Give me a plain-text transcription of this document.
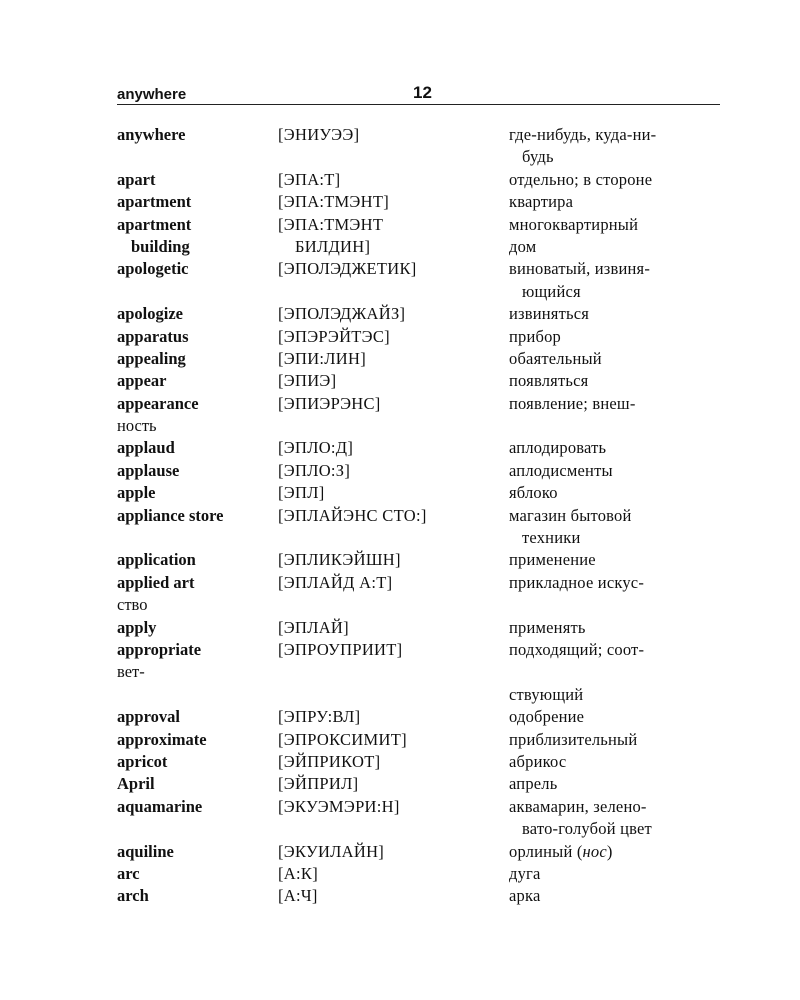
anywhere	12
anywhere	[ЭНИУЭЭ]	где-нибудь, куда-ни-
будь
apart	[ЭПА:Т]	отдельно; в стороне
apartment	[ЭПА:ТМЭНТ]	квартира
apartment	[ЭПА:ТМЭНТ	многоквартирный
building	БИЛДИН]	дом
apologetic	[ЭПОЛЭДЖЕТИК]	виноватый, извиня-
ющийся
apologize	[ЭПОЛЭДЖАЙЗ]	извиняться
apparatus	[ЭПЭРЭЙТЭС]	прибор
appealing	[ЭПИ:ЛИН]	обаятельный
appear	[ЭПИЭ]	появляться
appearance	[ЭПИЭРЭНС]	появление; внеш-
ность
applaud	[ЭПЛО:Д]	аплодировать
applause	[ЭПЛО:З]	аплодисменты
apple	[ЭПЛ]	яблоко
appliance store	[ЭПЛАЙЭНС СТО:]	магазин бытовой
техники
application	[ЭПЛИКЭЙШН]	применение
applied art	[ЭПЛАЙД А:Т]	прикладное искус-
ство
apply	[ЭПЛАЙ]	применять
appropriate	[ЭПРОУПРИИТ]	подходящий; соот-
вет-
ствующий
approval	[ЭПРУ:ВЛ]	одобрение
approximate	[ЭПРОКСИМИТ]	приблизительный
apricot	[ЭЙПРИКОТ]	абрикос
April	[ЭЙПРИЛ]	апрель
aquamarine	[ЭКУЭМЭРИ:Н]	аквамарин, зелено-
вато-голубой цвет
aquiline	[ЭКУИЛАЙН]	орлиный (нос)
arc	[А:К]	дуга
arch	[А:Ч]	арка
